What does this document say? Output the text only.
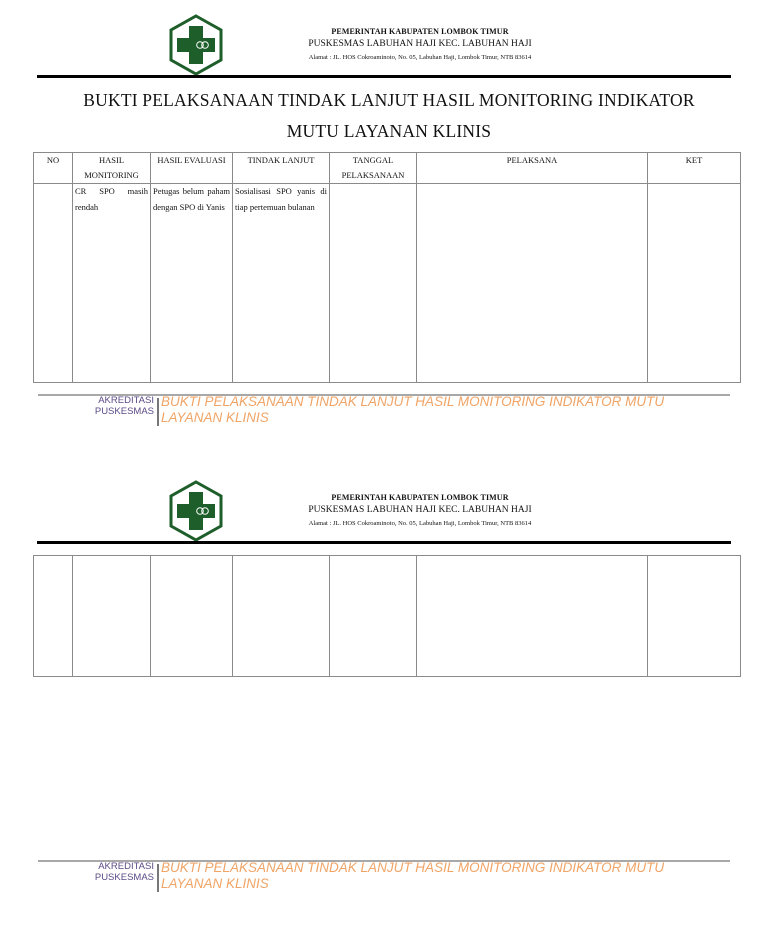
PEMERINTAH KABUPATEN LOMBOK TIMUR
PUSKESMAS LABUHAN HAJI KEC. LABUHAN HAJI
Alamat : JL. HOS Cokroaminoto, No. 05, Labuhan Haji, Lombok Timur, NTB 83614
BUKTI PELAKSANAAN TINDAK LANJUT HASIL MONITORING INDIKATOR
MUTU LAYANAN KLINIS
NO	HASIL MONITORING	HASIL EVALUASI	TINDAK LANJUT	TANGGAL PELAKSANAAN	PELAKSANA	KET
	CR SPO masih rendah	Petugas belum paham dengan SPO di Yanis	Sosialisasi SPO yanis di tiap pertemuan bulanan			
AKREDITASI
PUSKESMAS
BUKTI PELAKSANAAN TINDAK LANJUT HASIL MONITORING INDIKATOR MUTU LAYANAN KLINIS
PEMERINTAH KABUPATEN LOMBOK TIMUR
PUSKESMAS LABUHAN HAJI KEC. LABUHAN HAJI
Alamat : JL. HOS Cokroaminoto, No. 05, Labuhan Haji, Lombok Timur, NTB 83614

AKREDITASI
PUSKESMAS
BUKTI PELAKSANAAN TINDAK LANJUT HASIL MONITORING INDIKATOR MUTU LAYANAN KLINIS
